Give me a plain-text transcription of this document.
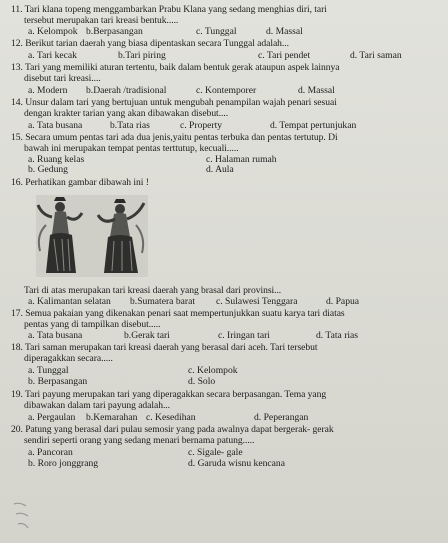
11. Tari klana topeng menggambarkan Prabu Klana yang sedang menghias diri, tari
tersebut merupakan tari kreasi bentuk.....
a. Kelompok b.Berpasangan	c. Tunggal	d. Massal
12. Berikut tarian daerah yang biasa dipentaskan secara Tunggal adalah...
a. Tari kecak	b.Tari piring	c. Tari pendet	d. Tari saman
13. Tari yang memiliki aturan tertentu, baik dalam bentuk gerak ataupun aspek lainnya
disebut tari kreasi....
a. Modern b.Daerah /tradisional	c. Kontemporer	d. Massal
14. Unsur dalam tari yang bertujuan untuk mengubah penampilan wajah penari sesuai
dengan krakter tarian yang akan dibawakan disebut....
a. Tata busana	b.Tata rias	c. Property	d. Tempat pertunjukan
15. Secara umum pentas tari ada dua jenis,yaitu pentas terbuka dan pentas tertutup. Di
bawah ini merupakan tempat pentas terttutup, kecuali.....
a. Ruang kelas
b. Gedung
c. Halaman rumah
d. Aula
16. Perhatikan gambar dibawah ini !
Tari di atas merupakan tari kreasi daerah yang brasal dari provinsi...
a. Kalimantan selatan b.Sumatera barat c. Sulawesi Tenggara	d. Papua
17. Semua pakaian yang dikenakan penari saat mempertunjukkan suatu karya tari diatas
pentas yang di tampilkan disebut.....
a. Tata busana	b.Gerak tari	c. Iringan tari	d. Tata rias
18. Tari saman merupakan tari kreasi daerah yang berasal dari aceh. Tari tersebut
diperagakkan secara.....
a. Tunggal
b. Berpasangan
c. Kelompok
d. Solo
19. Tari payung merupakan tari yang diperagakkan secara berpasangan. Tema yang
dibawakan dalam tari payung adalah...
a. Pergaulan b.Kemarahan c. Kesedihan	d. Peperangan
20. Patung yang berasal dari pulau semosir yang pada awalnya dapat bergerak- gerak
sendiri seperti orang yang sedang menari bernama patung.....
a. Pancoran
b. Roro jonggrang
c. Sigale- gale
d. Garuda wisnu kencana
